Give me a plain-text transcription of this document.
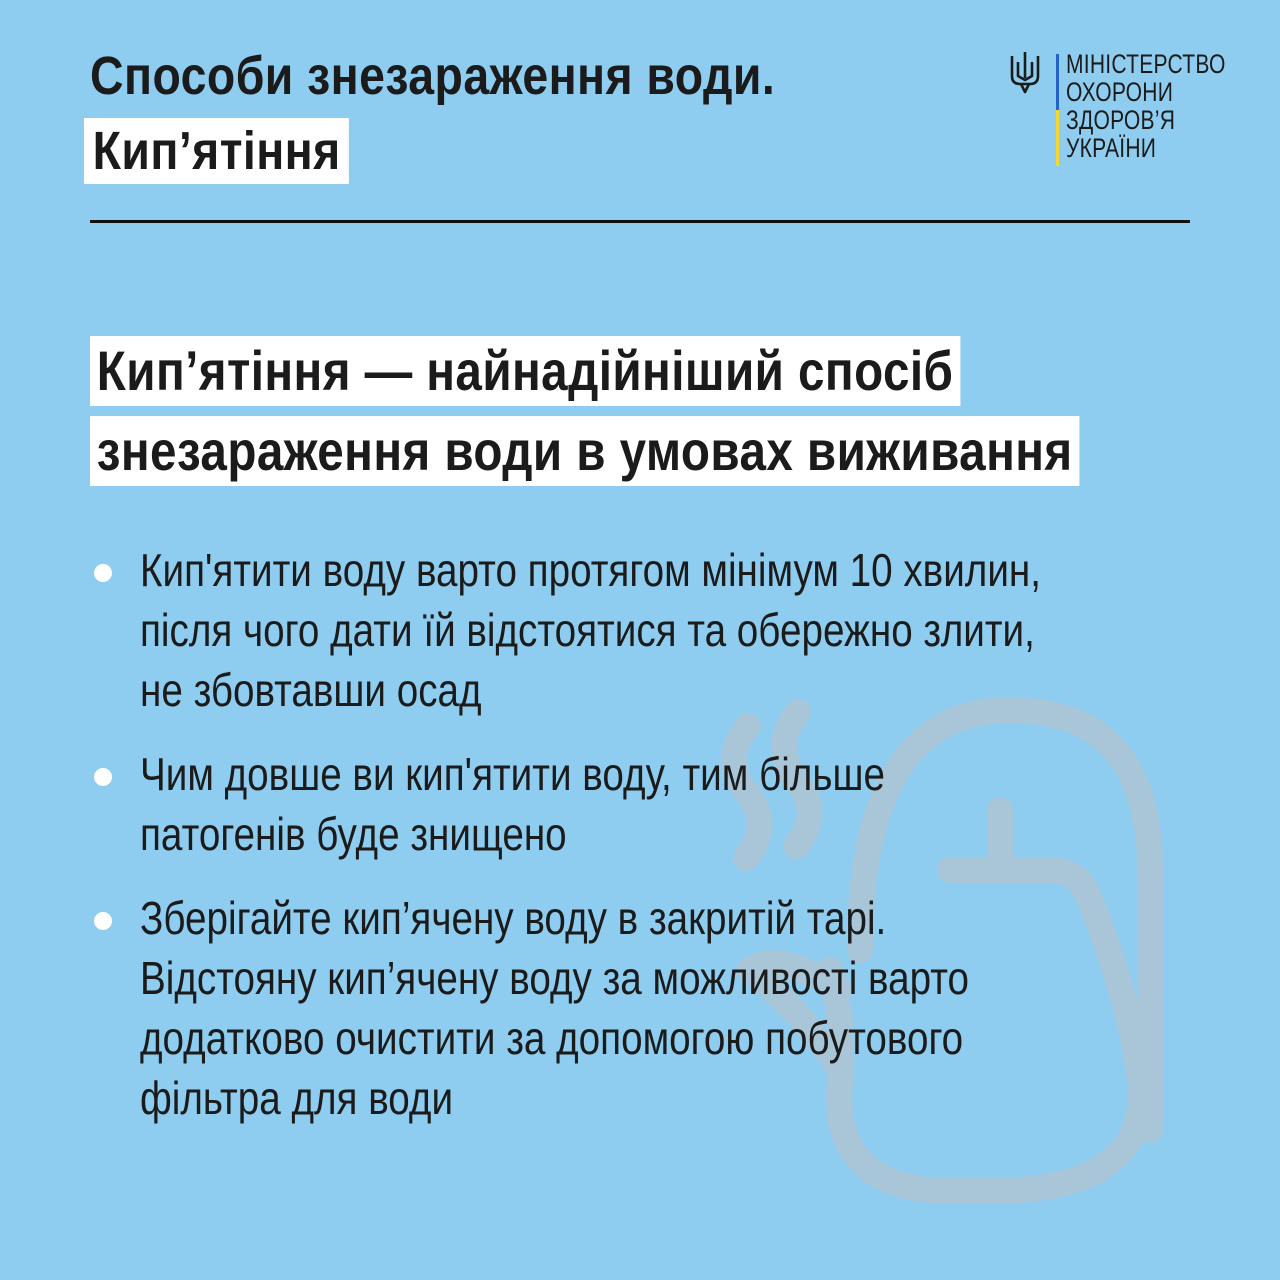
Способи знезараження води.
Кип’ятіння
МІНІСТЕРСТВО
ОХОРОНИ
ЗДОРОВ’Я
УКРАЇНИ
Кип’ятіння — найнадійніший спосіб
знезараження води в умовах виживання
Кип'ятити воду варто протягом мінімум 10 хвилин,
після чого дати їй відстоятися та обережно злити,
не збовтавши осад
Чим довше ви кип'ятити воду, тим більше
патогенів буде знищено
Зберігайте кип’ячену воду в закритій тарі.
Відстояну кип’ячену воду за можливості варто
додатково очистити за допомогою побутового
фільтра для води
